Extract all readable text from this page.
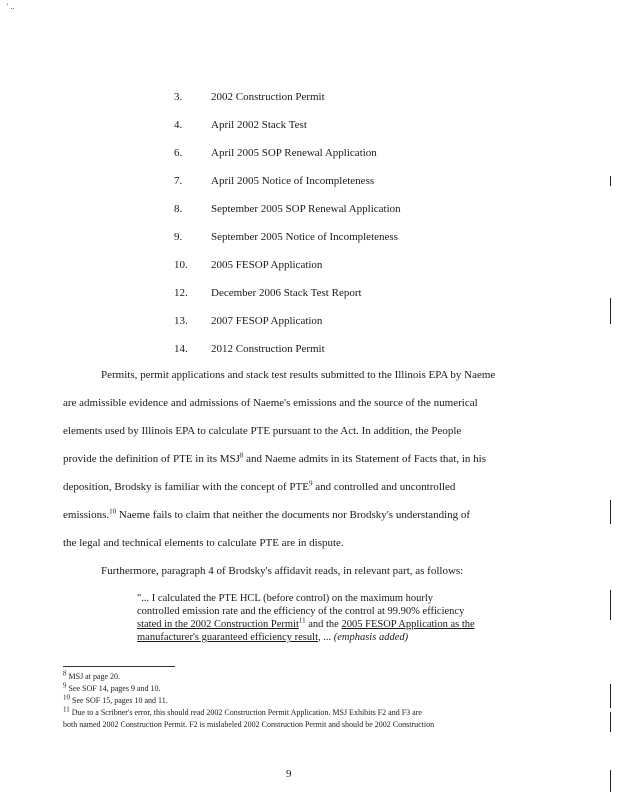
' ..
3.	2002 Construction Permit
4.	April 2002 Stack Test
6.	April 2005 SOP Renewal Application
7.	April 2005 Notice of Incompleteness
8.	September 2005 SOP Renewal Application
9.	September 2005 Notice of Incompleteness
10. 2005 FESOP Application
12. December 2006 Stack Test Report
13. 2007 FESOP Application
14. 2012 Construction Permit
Permits, permit applications and stack test results submitted to the Illinois EPA by Naeme
are admissible evidence and admissions of Naeme's emissions and the source of the numerical
elements used by Illinois EPA to calculate PTE pursuant to the Act. In addition, the People
provide the definition of PTE in its MSJ$^8$ and Naeme admits in its Statement of Facts that, in his
deposition, Brodsky is familiar with the concept of PTE$^9$ and controlled and uncontrolled
emissions.$^{10}$ Naeme fails to claim that neither the documents nor Brodsky's understanding of
the legal and technical elements to calculate PTE are in dispute.
Furthermore, paragraph 4 of Brodsky's affidavit reads, in relevant part, as follows:
"... I calculated the PTE HCL (before control) on the maximum hourly
controlled emission rate and the efficiency of the control at 99.90% efficiency
stated in the 2002 Construction Permit$^{11}$ and the 2005 FESOP Application as the
manufacturer's guaranteed efficiency result, ... (emphasis added)
$^8$ MSJ at page 20.
$^9$ See SOF 14, pages 9 and 10.
$^{10}$ See SOF 15, pages 10 and 11.
$^{11}$ Due to a Scribner's error, this should read 2002 Construction Permit Application. MSJ Exhibits F2 and F3 are
both named 2002 Construction Permit. F2 is mislabeled 2002 Construction Permit and should be 2002 Construction
9
